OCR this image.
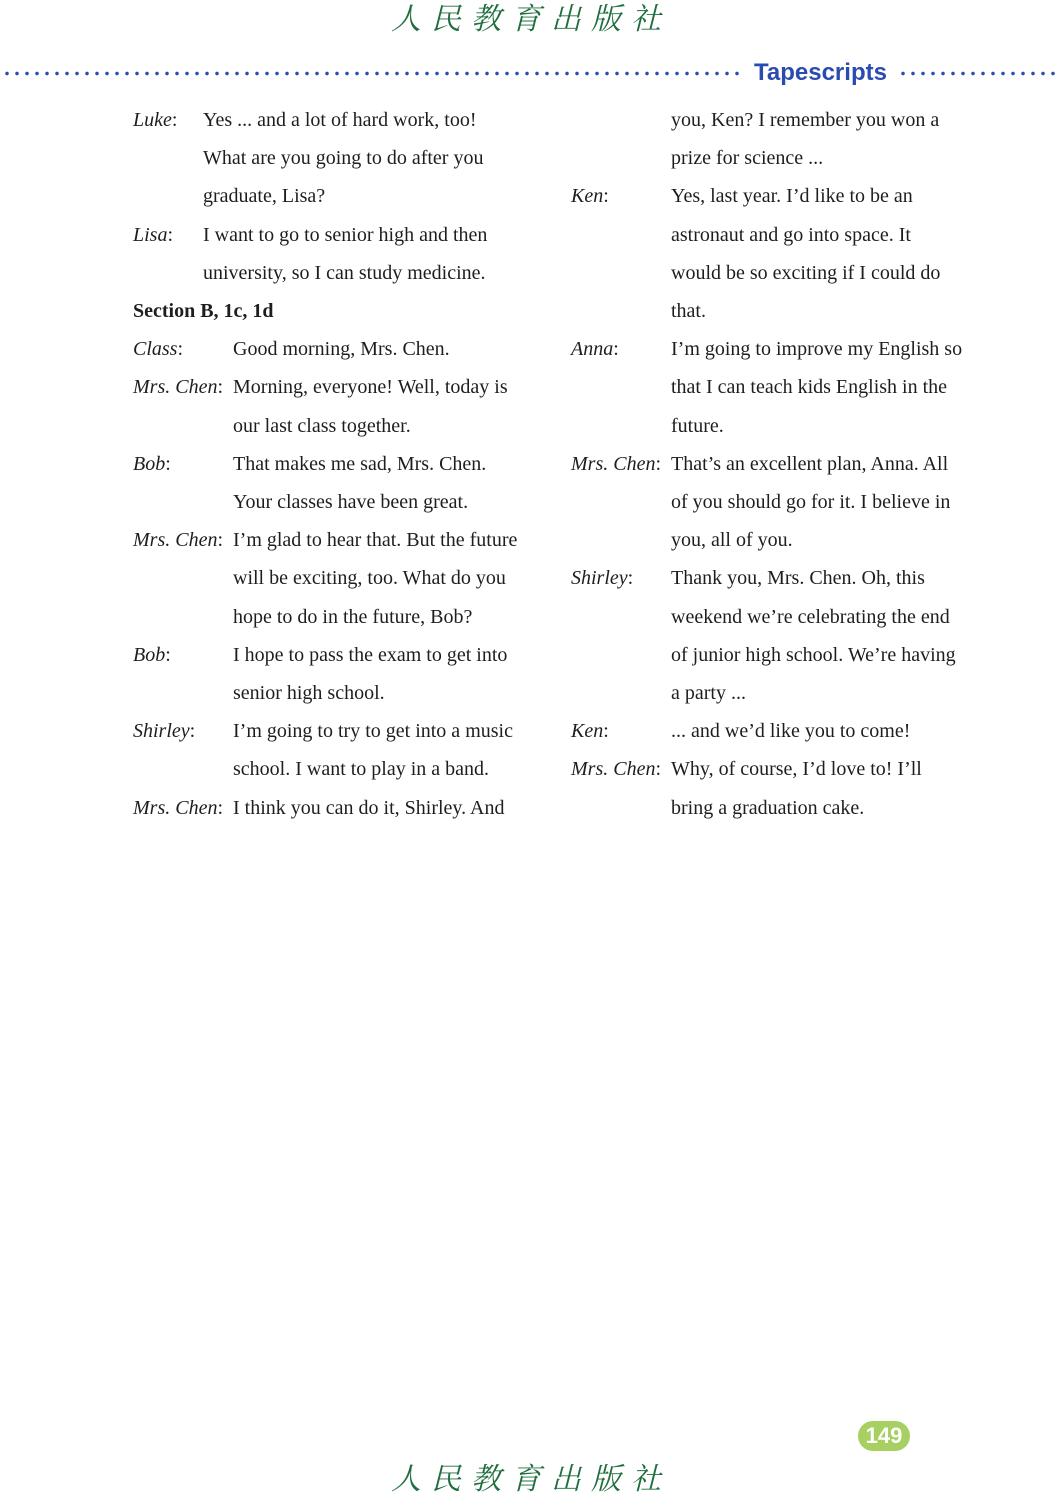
人民教育出版社
Tapescripts
Luke:	Yes ... and a lot of hard work, too!
What are you going to do after you
graduate, Lisa?
Lisa:	I want to go to senior high and then
university, so I can study medicine.
Section B, 1c, 1d
Class:	Good morning, Mrs. Chen.
Mrs. Chen: Morning, everyone! Well, today is
our last class together.
Bob:	That makes me sad, Mrs. Chen.
Your classes have been great.
Mrs. Chen: I’m glad to hear that. But the future
will be exciting, too. What do you
hope to do in the future, Bob?
Bob:	I hope to pass the exam to get into
senior high school.
Shirley:	I’m going to try to get into a music
school. I want to play in a band.
Mrs. Chen: I think you can do it, Shirley. And
you, Ken? I remember you won a
prize for science ...
Ken:	Yes, last year. I’d like to be an
astronaut and go into space. It
would be so exciting if I could do
that.
Anna:	I’m going to improve my English so
that I can teach kids English in the
future.
Mrs. Chen: That’s an excellent plan, Anna. All
of you should go for it. I believe in
you, all of you.
Shirley:	Thank you, Mrs. Chen. Oh, this
weekend we’re celebrating the end
of junior high school. We’re having
a party ...
Ken:	... and we’d like you to come!
Mrs. Chen: Why, of course, I’d love to! I’ll
bring a graduation cake.
149
人民教育出版社
